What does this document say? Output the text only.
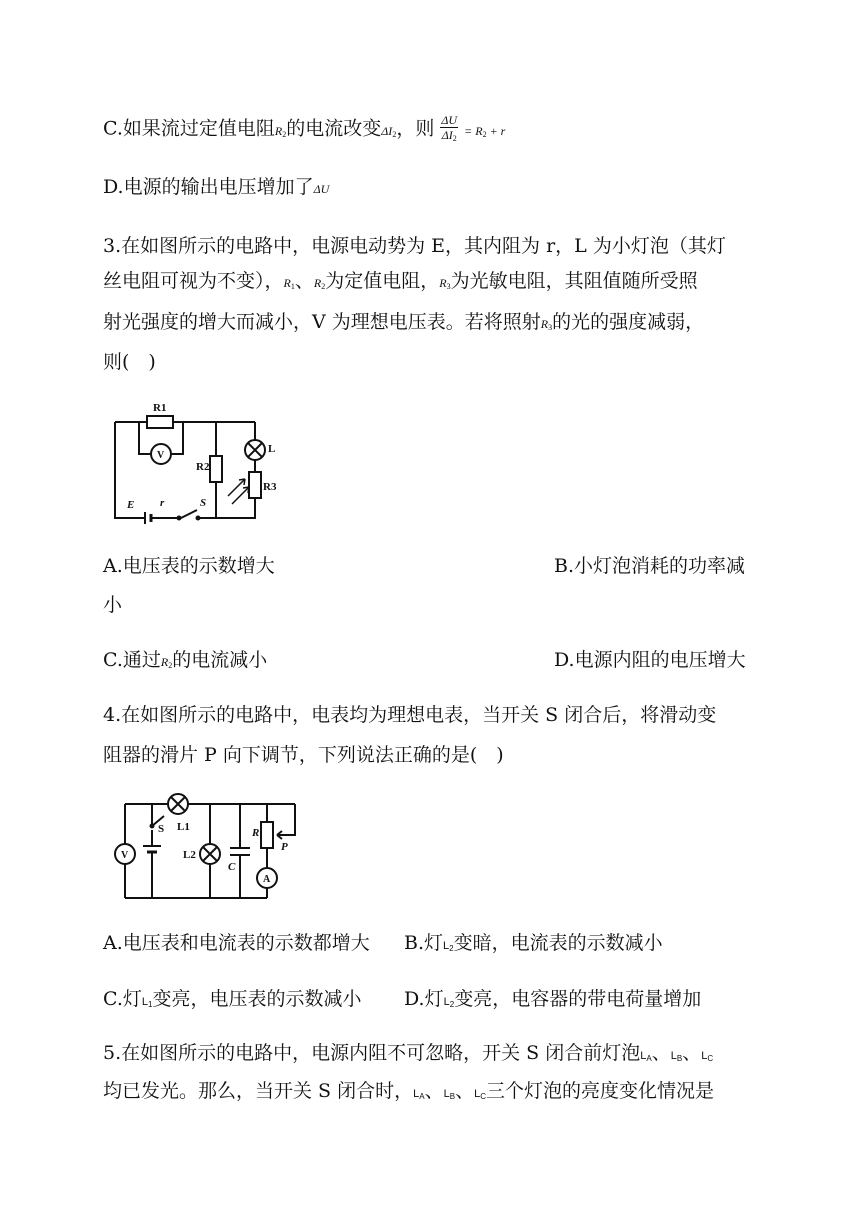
C.如果流过定值电阻$R_2$的电流改变$\Delta I_2$，则 $\frac{\Delta U}{\Delta I_2} = R_2 + r$
D.电源的输出电压增加了ΔU
3.在如图所示的电路中，电源电动势为 E，其内阻为 r，L 为小灯泡（其灯
丝电阻可视为不变），$R_1$、$R_2$为定值电阻，$R_3$为光敏电阻，其阻值随所受照
射光强度的增大而减小，V 为理想电压表。若将照射$R_3$的光的强度减弱，
则(　)
R1
V
R2
L
R3
E r	S
A.电压表的示数增大	B.小灯泡消耗的功率减
小
C.通过$R_2$的电流减小	D.电源内阻的电压增大
4.在如图所示的电路中，电表均为理想电表，当开关 S 闭合后，将滑动变
阻器的滑片 P 向下调节，下列说法正确的是(　)
V
S L1
L2
C
R
P
A
A.电压表和电流表的示数都增大 B.灯$L_2$变暗，电流表的示数减小
C.灯$L_1$变亮，电压表的示数减小 D.灯$L_2$变亮，电容器的带电荷量增加
5.在如图所示的电路中，电源内阻不可忽略，开关 S 闭合前灯泡$L_A$、$L_B$、$L_C$
均已发光。那么，当开关 S 闭合时，$L_A$、$L_B$、$L_C$三个灯泡的亮度变化情况是
